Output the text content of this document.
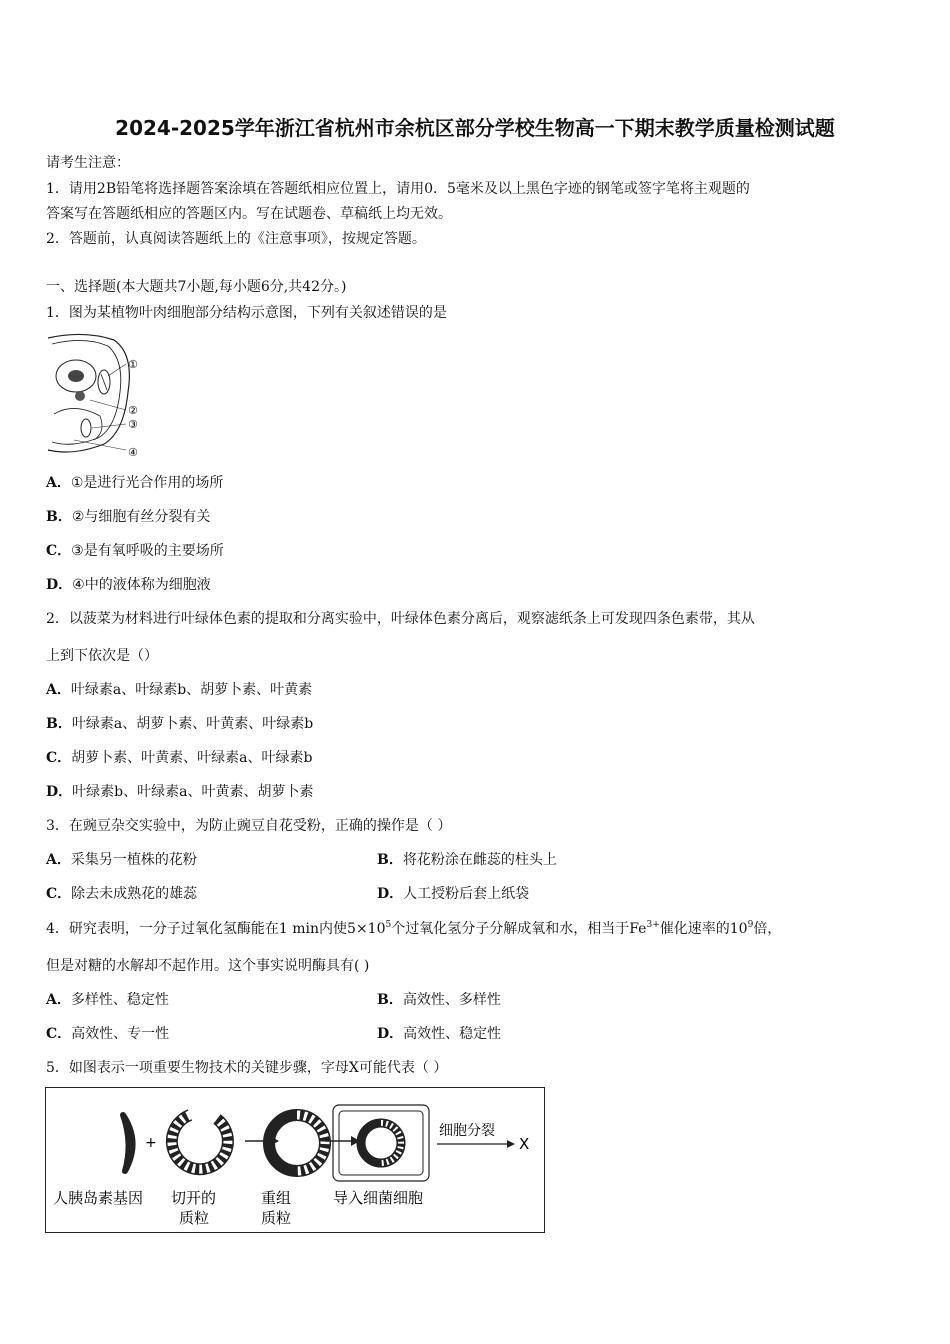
2024-2025学年浙江省杭州市余杭区部分学校生物高一下期末教学质量检测试题
请考生注意：
1．请用2B铅笔将选择题答案涂填在答题纸相应位置上，请用0．5毫米及以上黑色字迹的钢笔或签字笔将主观题的
答案写在答题纸相应的答题区内。写在试题卷、草稿纸上均无效。
2．答题前，认真阅读答题纸上的《注意事项》，按规定答题。
一、选择题(本大题共7小题,每小题6分,共42分。)
1．图为某植物叶肉细胞部分结构示意图，下列有关叙述错误的是
①
②
③
④
A．①是进行光合作用的场所
B．②与细胞有丝分裂有关
C．③是有氧呼吸的主要场所
D．④中的液体称为细胞液
2．以菠菜为材料进行叶绿体色素的提取和分离实验中，叶绿体色素分离后，观察滤纸条上可发现四条色素带，其从
上到下依次是（）
A．叶绿素a、叶绿素b、胡萝卜素、叶黄素
B．叶绿素a、胡萝卜素、叶黄素、叶绿素b
C．胡萝卜素、叶黄素、叶绿素a、叶绿素b
D．叶绿素b、叶绿素a、叶黄素、胡萝卜素
3．在豌豆杂交实验中，为防止豌豆自花受粉，正确的操作是（ ）
A．采集另一植株的花粉	B．将花粉涂在雌蕊的柱头上
C．除去未成熟花的雄蕊	D．人工授粉后套上纸袋
4．研究表明，一分子过氧化氢酶能在1 min内使$5\times 10^5$个过氧化氢分子分解成氧和水，相当于$Fe^{3+}$催化速率的$10^9$倍，
但是对糖的水解却不起作用。这个事实说明酶具有( )
A．多样性、稳定性	B．高效性、多样性
C．高效性、专一性	D．高效性、稳定性
5．如图表示一项重要生物技术的关键步骤，字母X可能代表（ ）
+
细胞分裂
X
人胰岛素基因 切开的
质粒
重组
质粒
导入细菌细胞
